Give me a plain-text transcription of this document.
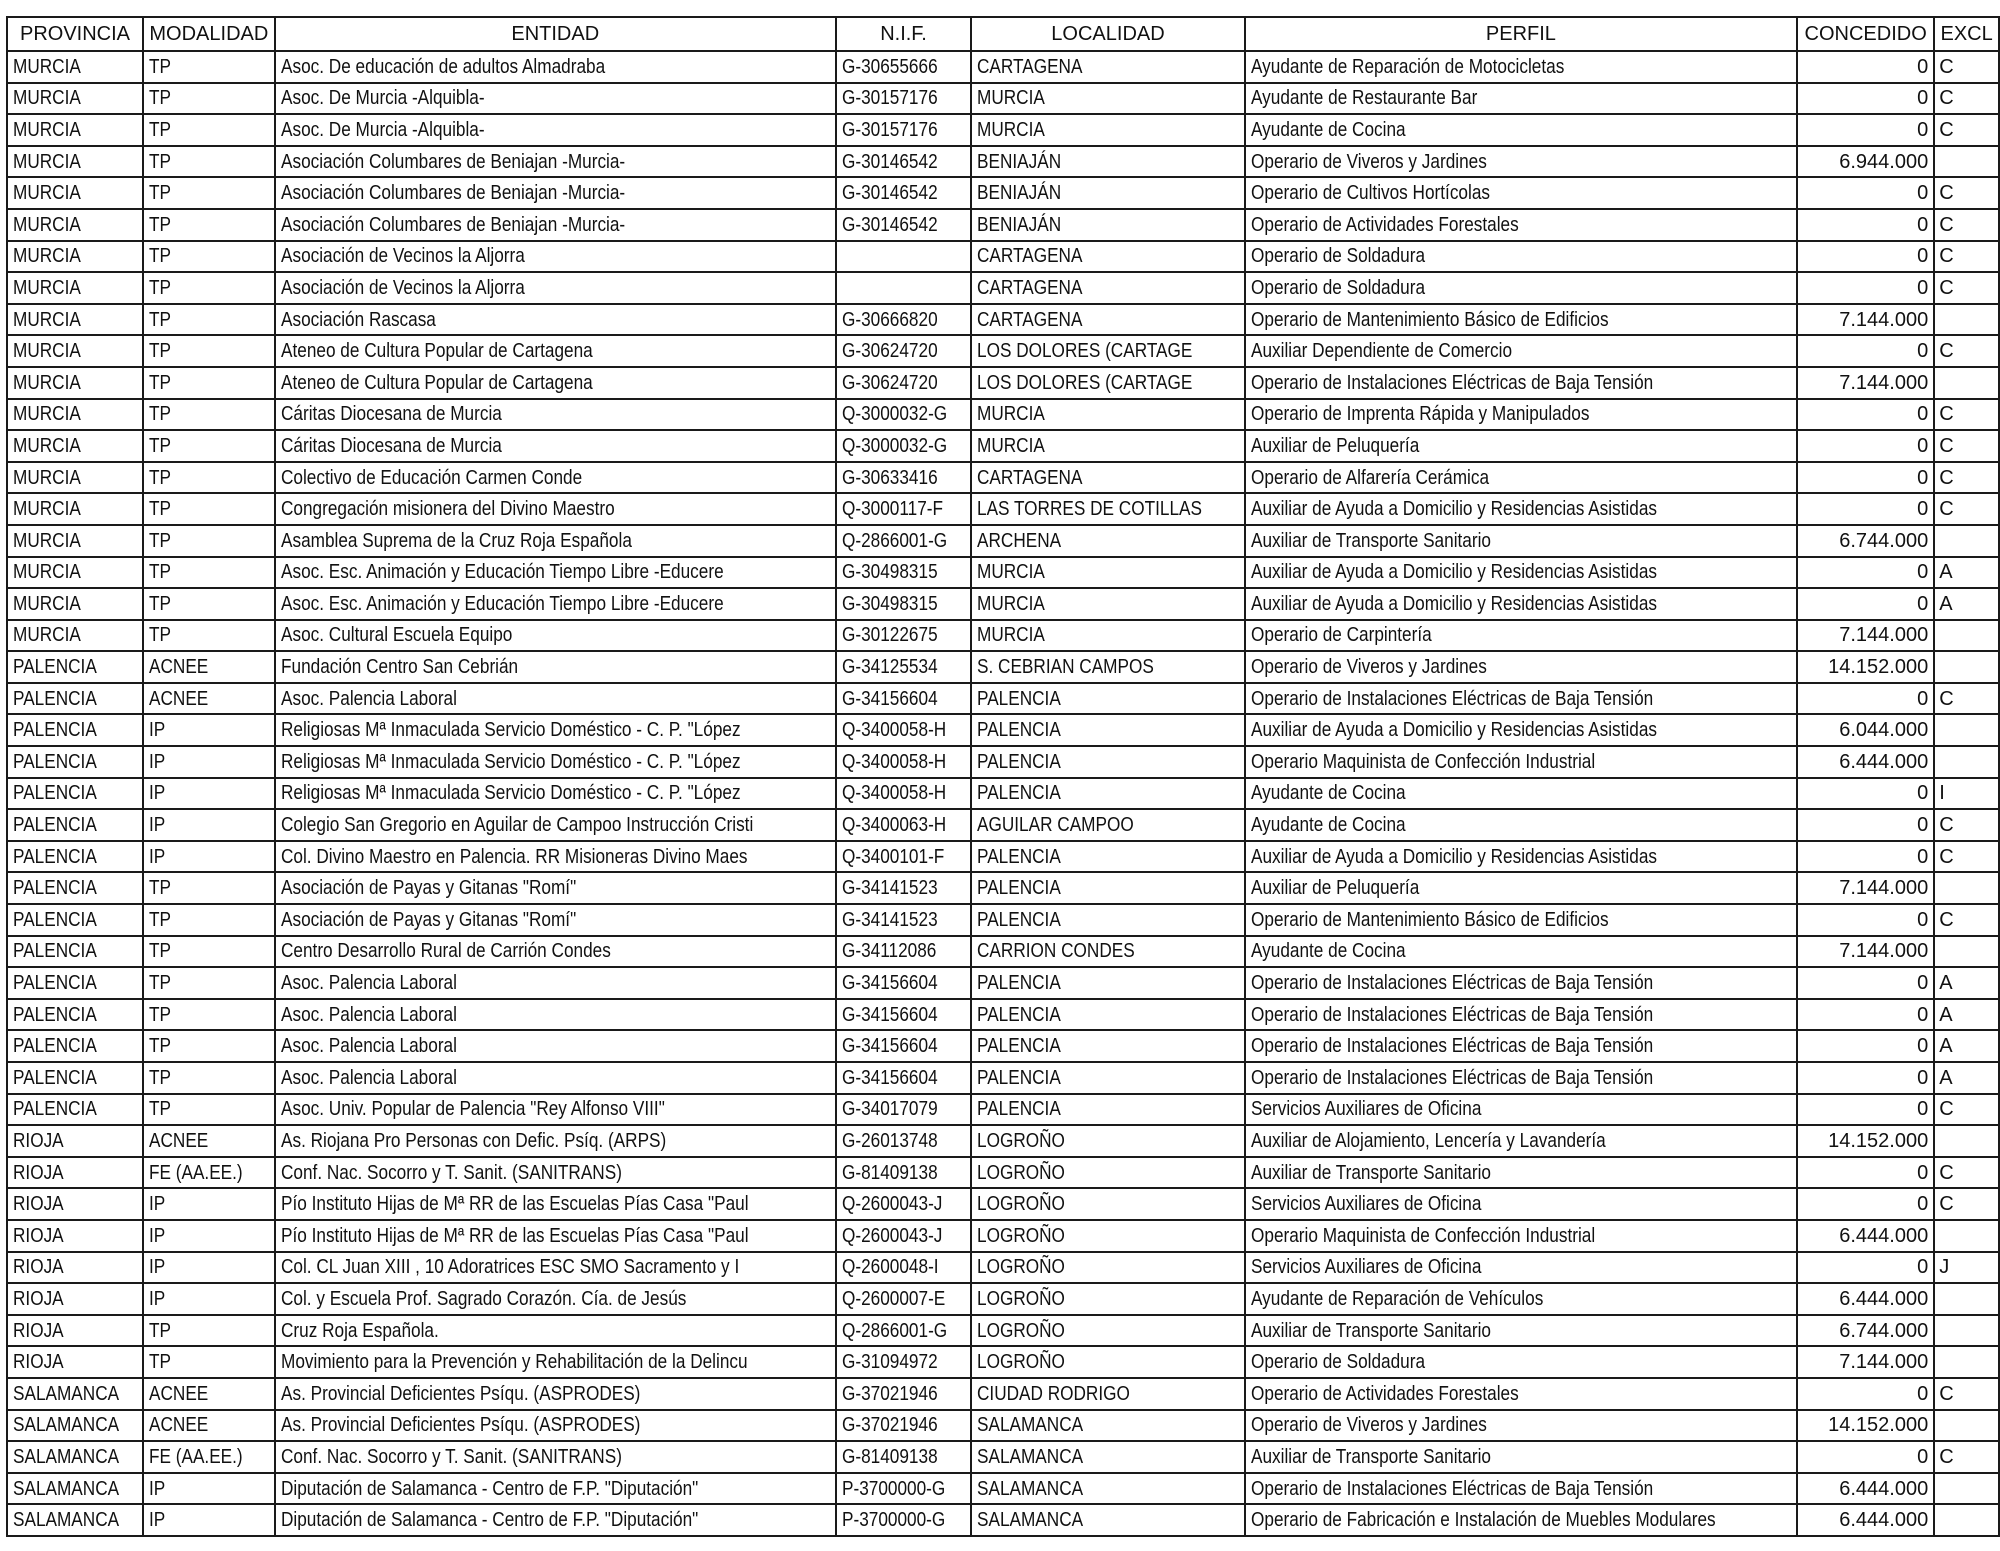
PROVINCIA	MODALIDAD	ENTIDAD	N.I.F.	LOCALIDAD	PERFIL	CONCEDIDO	EXCL
MURCIA	TP	Asoc. De educación de adultos Almadraba	G-30655666	CARTAGENA	Ayudante de Reparación de Motocicletas	0	C
MURCIA	TP	Asoc. De Murcia -Alquibla-	G-30157176	MURCIA	Ayudante de Restaurante Bar	0	C
MURCIA	TP	Asoc. De Murcia -Alquibla-	G-30157176	MURCIA	Ayudante de Cocina	0	C
MURCIA	TP	Asociación Columbares de Beniajan -Murcia-	G-30146542	BENIAJÁN	Operario de Viveros y Jardines	6.944.000	
MURCIA	TP	Asociación Columbares de Beniajan -Murcia-	G-30146542	BENIAJÁN	Operario de Cultivos Hortícolas	0	C
MURCIA	TP	Asociación Columbares de Beniajan -Murcia-	G-30146542	BENIAJÁN	Operario de Actividades Forestales	0	C
MURCIA	TP	Asociación de Vecinos la Aljorra		CARTAGENA	Operario de Soldadura	0	C
MURCIA	TP	Asociación de Vecinos la Aljorra		CARTAGENA	Operario de Soldadura	0	C
MURCIA	TP	Asociación Rascasa	G-30666820	CARTAGENA	Operario de Mantenimiento Básico de Edificios	7.144.000	
MURCIA	TP	Ateneo de Cultura Popular de Cartagena	G-30624720	LOS DOLORES (CARTAGE	Auxiliar Dependiente de Comercio	0	C
MURCIA	TP	Ateneo de Cultura Popular de Cartagena	G-30624720	LOS DOLORES (CARTAGE	Operario de Instalaciones Eléctricas de Baja Tensión	7.144.000	
MURCIA	TP	Cáritas Diocesana de Murcia	Q-3000032-G	MURCIA	Operario de Imprenta Rápida y Manipulados	0	C
MURCIA	TP	Cáritas Diocesana de Murcia	Q-3000032-G	MURCIA	Auxiliar de Peluquería	0	C
MURCIA	TP	Colectivo de Educación Carmen Conde	G-30633416	CARTAGENA	Operario de Alfarería Cerámica	0	C
MURCIA	TP	Congregación misionera del Divino Maestro	Q-3000117-F	LAS TORRES DE COTILLAS	Auxiliar de Ayuda a Domicilio y Residencias Asistidas	0	C
MURCIA	TP	Asamblea Suprema de la Cruz Roja Española	Q-2866001-G	ARCHENA	Auxiliar de Transporte Sanitario	6.744.000	
MURCIA	TP	Asoc. Esc. Animación y Educación Tiempo Libre -Educere	G-30498315	MURCIA	Auxiliar de Ayuda a Domicilio y Residencias Asistidas	0	A
MURCIA	TP	Asoc. Esc. Animación y Educación Tiempo Libre -Educere	G-30498315	MURCIA	Auxiliar de Ayuda a Domicilio y Residencias Asistidas	0	A
MURCIA	TP	Asoc. Cultural Escuela Equipo	G-30122675	MURCIA	Operario de Carpintería	7.144.000	
PALENCIA	ACNEE	Fundación Centro San Cebrián	G-34125534	S. CEBRIAN CAMPOS	Operario de Viveros y Jardines	14.152.000	
PALENCIA	ACNEE	Asoc. Palencia Laboral	G-34156604	PALENCIA	Operario de Instalaciones Eléctricas de Baja Tensión	0	C
PALENCIA	IP	Religiosas Mª Inmaculada Servicio Doméstico - C. P. "López	Q-3400058-H	PALENCIA	Auxiliar de Ayuda a Domicilio y Residencias Asistidas	6.044.000	
PALENCIA	IP	Religiosas Mª Inmaculada Servicio Doméstico - C. P. "López	Q-3400058-H	PALENCIA	Operario Maquinista de Confección Industrial	6.444.000	
PALENCIA	IP	Religiosas Mª Inmaculada Servicio Doméstico - C. P. "López	Q-3400058-H	PALENCIA	Ayudante de Cocina	0	I
PALENCIA	IP	Colegio San Gregorio en Aguilar de Campoo Instrucción Cristi	Q-3400063-H	AGUILAR CAMPOO	Ayudante de Cocina	0	C
PALENCIA	IP	Col. Divino Maestro en Palencia. RR Misioneras Divino Maes	Q-3400101-F	PALENCIA	Auxiliar de Ayuda a Domicilio y Residencias Asistidas	0	C
PALENCIA	TP	Asociación de Payas y Gitanas "Romí"	G-34141523	PALENCIA	Auxiliar de Peluquería	7.144.000	
PALENCIA	TP	Asociación de Payas y Gitanas "Romí"	G-34141523	PALENCIA	Operario de Mantenimiento Básico de Edificios	0	C
PALENCIA	TP	Centro Desarrollo Rural de Carrión Condes	G-34112086	CARRION CONDES	Ayudante de Cocina	7.144.000	
PALENCIA	TP	Asoc. Palencia Laboral	G-34156604	PALENCIA	Operario de Instalaciones Eléctricas de Baja Tensión	0	A
PALENCIA	TP	Asoc. Palencia Laboral	G-34156604	PALENCIA	Operario de Instalaciones Eléctricas de Baja Tensión	0	A
PALENCIA	TP	Asoc. Palencia Laboral	G-34156604	PALENCIA	Operario de Instalaciones Eléctricas de Baja Tensión	0	A
PALENCIA	TP	Asoc. Palencia Laboral	G-34156604	PALENCIA	Operario de Instalaciones Eléctricas de Baja Tensión	0	A
PALENCIA	TP	Asoc. Univ. Popular de Palencia "Rey Alfonso VIII"	G-34017079	PALENCIA	Servicios Auxiliares de Oficina	0	C
RIOJA	ACNEE	As. Riojana Pro Personas con Defic. Psíq. (ARPS)	G-26013748	LOGROÑO	Auxiliar de Alojamiento, Lencería y Lavandería	14.152.000	
RIOJA	FE (AA.EE.)	Conf. Nac. Socorro y T. Sanit. (SANITRANS)	G-81409138	LOGROÑO	Auxiliar de Transporte Sanitario	0	C
RIOJA	IP	Pío Instituto Hijas de Mª RR de las Escuelas Pías Casa "Paul	Q-2600043-J	LOGROÑO	Servicios Auxiliares de Oficina	0	C
RIOJA	IP	Pío Instituto Hijas de Mª RR de las Escuelas Pías Casa "Paul	Q-2600043-J	LOGROÑO	Operario Maquinista de Confección Industrial	6.444.000	
RIOJA	IP	Col. CL Juan XIII , 10 Adoratrices ESC SMO Sacramento y I	Q-2600048-I	LOGROÑO	Servicios Auxiliares de Oficina	0	J
RIOJA	IP	Col. y Escuela Prof. Sagrado Corazón. Cía. de Jesús	Q-2600007-E	LOGROÑO	Ayudante de Reparación de Vehículos	6.444.000	
RIOJA	TP	Cruz Roja Española.	Q-2866001-G	LOGROÑO	Auxiliar de Transporte Sanitario	6.744.000	
RIOJA	TP	Movimiento para la Prevención y Rehabilitación de la Delincu	G-31094972	LOGROÑO	Operario de Soldadura	7.144.000	
SALAMANCA	ACNEE	As. Provincial Deficientes Psíqu. (ASPRODES)	G-37021946	CIUDAD RODRIGO	Operario de Actividades Forestales	0	C
SALAMANCA	ACNEE	As. Provincial Deficientes Psíqu. (ASPRODES)	G-37021946	SALAMANCA	Operario de Viveros y Jardines	14.152.000	
SALAMANCA	FE (AA.EE.)	Conf. Nac. Socorro y T. Sanit. (SANITRANS)	G-81409138	SALAMANCA	Auxiliar de Transporte Sanitario	0	C
SALAMANCA	IP	Diputación de Salamanca - Centro de F.P. "Diputación"	P-3700000-G	SALAMANCA	Operario de Instalaciones Eléctricas de Baja Tensión	6.444.000	
SALAMANCA	IP	Diputación de Salamanca - Centro de F.P. "Diputación"	P-3700000-G	SALAMANCA	Operario de Fabricación e Instalación de Muebles Modulares	6.444.000	
